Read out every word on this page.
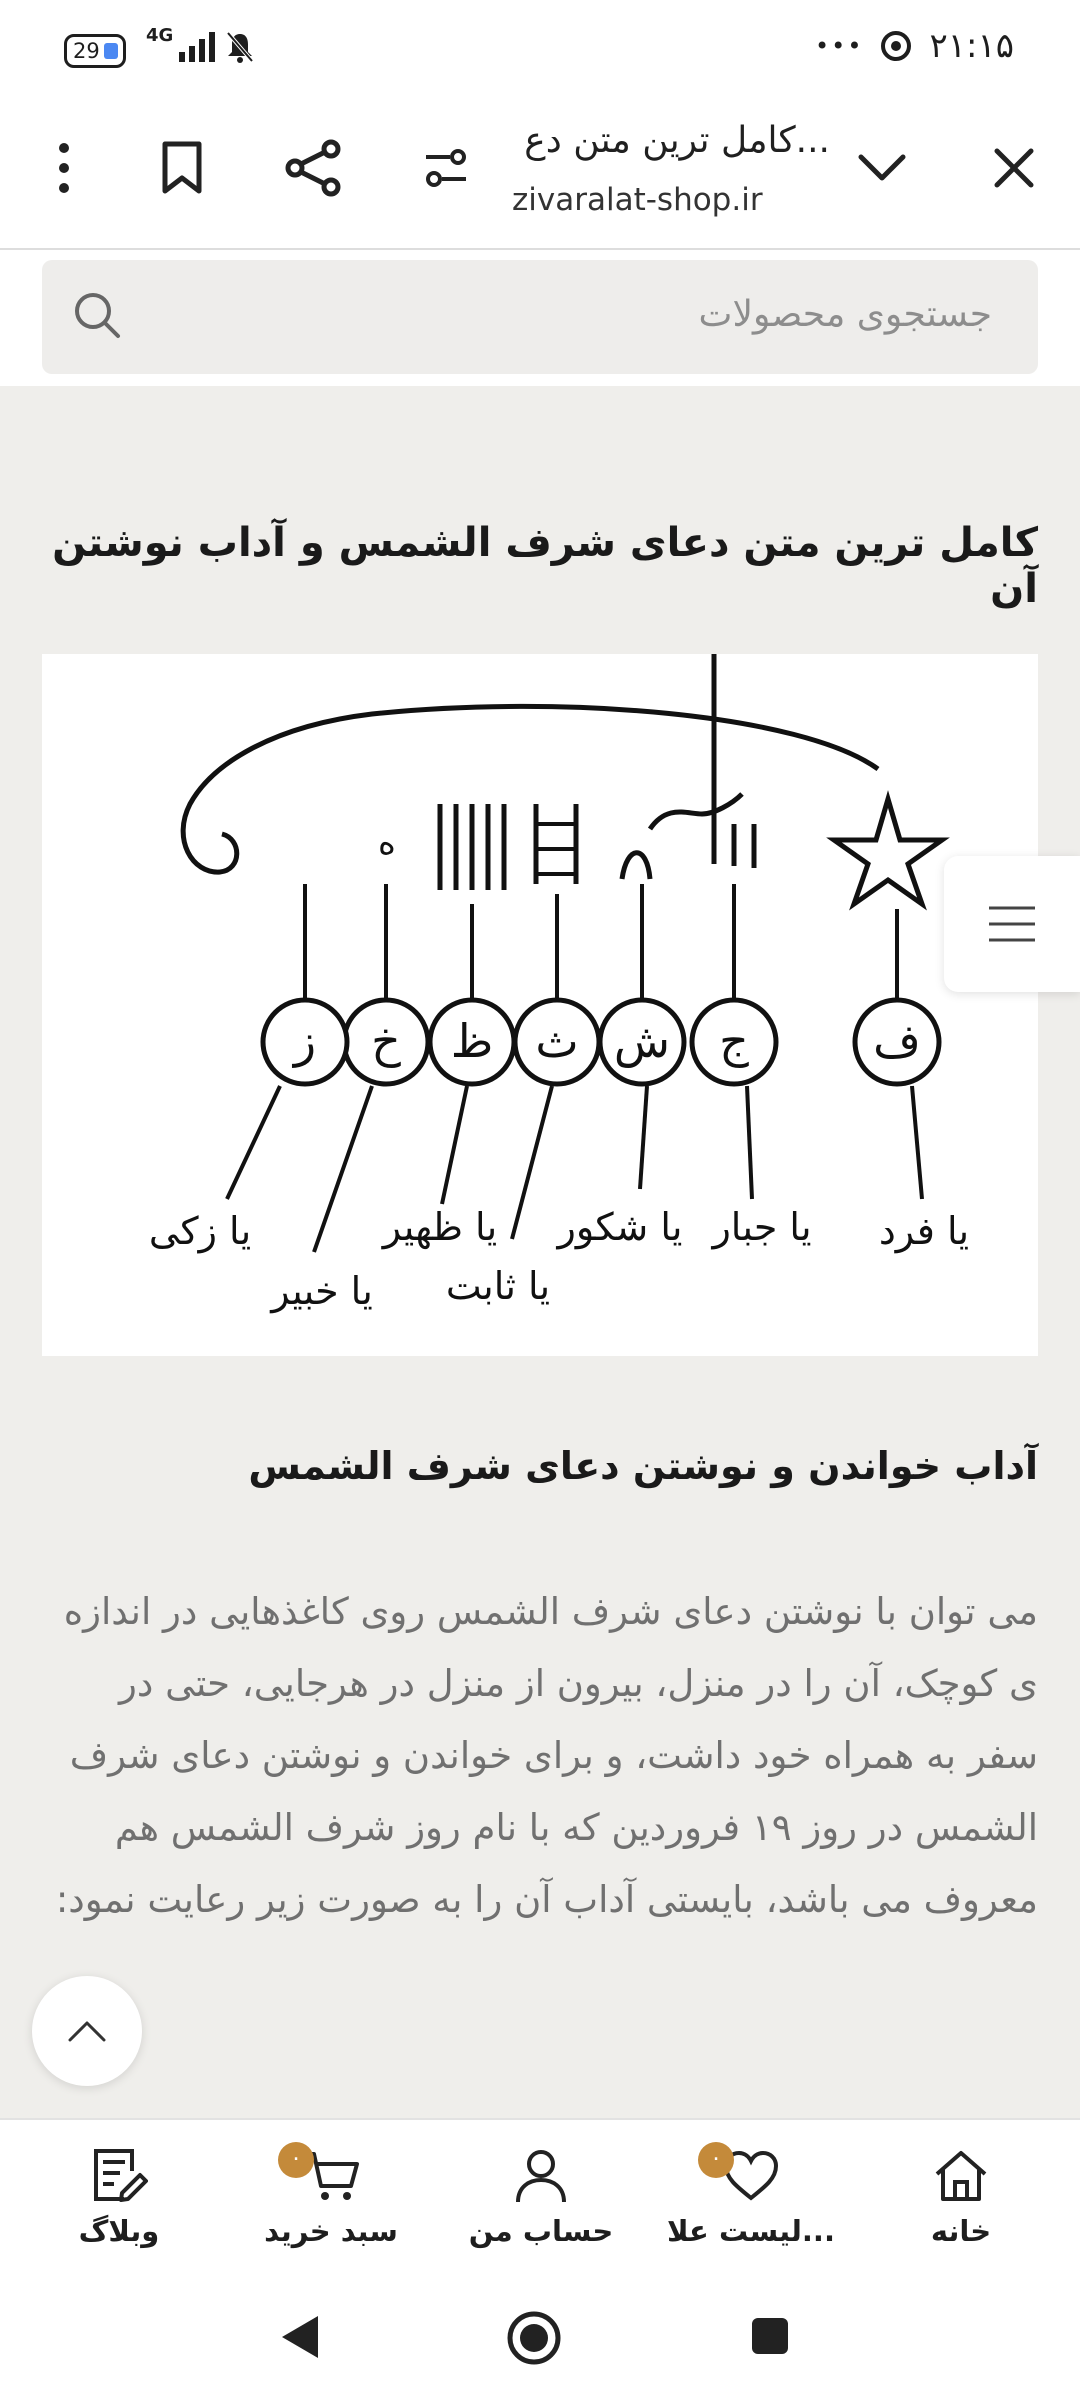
29
4G	••• ۲۱:۱۵
کامل ترین متن دع...
zivaralat-shop.ir
جستجوی محصولات
کامل ترین متن دعای شرف الشمس و آداب نوشتن آن
ه
ف
ج
ش
ث
ظ
خ
ز
یا فرد
یا جبار
یا شکور
یا ظهیر
یا ثابت
یا زکی
یا خبیر
آداب خواندن و نوشتن دعای شرف الشمس
می توان با نوشتن دعای شرف الشمس روی کاغذهایی در اندازه ی کوچک، آن را در منزل، بیرون از منزل در هرجایی، حتی در سفر به همراه خود داشت، و برای خواندن و نوشتن دعای شرف الشمس در روز ۱۹ فروردین که با نام روز شرف الشمس هم معروف می باشد، بایستی آداب آن را به صورت زیر رعایت نمود:
خانه
۰
لیست علا...
حساب من
۰
سبد خرید
وبلاگ
